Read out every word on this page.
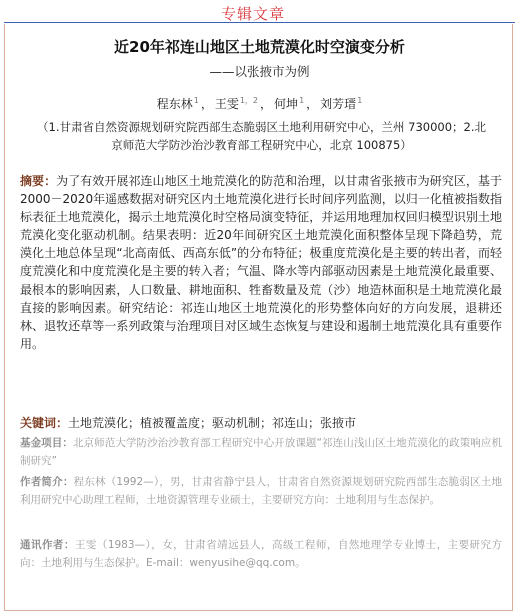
专辑文章
近20年祁连山地区土地荒漠化时空演变分析
——以张掖市为例
程东林$^1$ ， 王雯$^{1,2}$ ， 何坤$^1$ ， 刘芳瑨$^1$
（1.甘肃省自然资源规划研究院西部生态脆弱区土地利用研究中心，兰州 730000；2.北京师范大学防沙治沙教育部工程研究中心，北京 100875）
摘要：为了有效开展祁连山地区土地荒漠化的防范和治理，以甘肃省张掖市为研究区，基于2000－2020年遥感数据对研究区内土地荒漠化进行长时间序列监测，以归一化植被指数指标表征土地荒漠化，揭示土地荒漠化时空格局演变特征，并运用地理加权回归模型识别土地荒漠化变化驱动机制。结果表明：近20年间研究区土地荒漠化面积整体呈现下降趋势，荒漠化土地总体呈现“北高南低、西高东低”的分布特征；极重度荒漠化是主要的转出者，而轻度荒漠化和中度荒漠化是主要的转入者；气温、降水等内部驱动因素是土地荒漠化最重要、最根本的影响因素，人口数量、耕地面积、牲畜数量及荒（沙）地造林面积是土地荒漠化最直接的影响因素。研究结论：祁连山地区土地荒漠化的形势整体向好的方向发展，退耕还林、退牧还草等一系列政策与治理项目对区域生态恢复与建设和遏制土地荒漠化具有重要作用。
关键词：土地荒漠化；植被覆盖度；驱动机制；祁连山；张掖市
基金项目：北京师范大学防沙治沙教育部工程研究中心开放课题“祁连山浅山区土地荒漠化的政策响应机制研究”
作者简介：程东林（1992—），男，甘肃省静宁县人，甘肃省自然资源规划研究院西部生态脆弱区土地利用研究中心助理工程师，土地资源管理专业硕士，主要研究方向：土地利用与生态保护。
通讯作者：王雯（1983—），女，甘肃省靖远县人，高级工程师，自然地理学专业博士，主要研究方向：土地利用与生态保护。E-mail：wenyusihe@qq.com。
